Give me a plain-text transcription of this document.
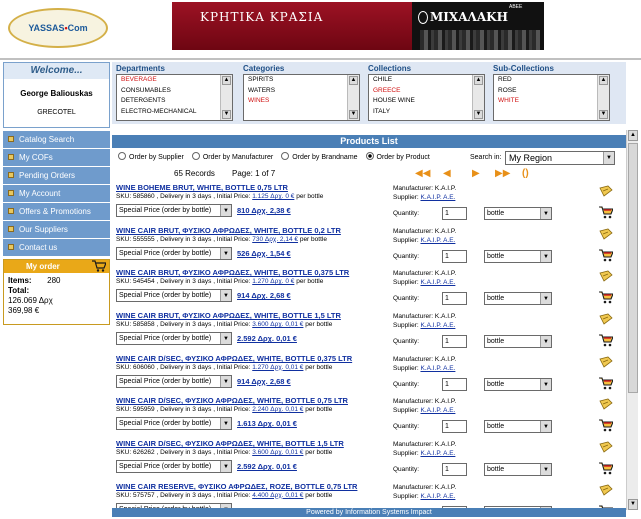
YASSAS•Com
ΚΡΗΤΙΚΑ ΚΡΑΣΙΑ	ΜΙΧΑΛΑΚΗ
ΑΒΕΕ
Welcome...
George Baliouskas
GRECOTEL
Catalog Search
My COFs
Pending Orders
My Account
Offers & Promotions
Our Suppliers
Contact us
My order
Items: 280
Total:
126.069 Δρχ
369,98 €
Departments
BEVERAGE
CONSUMABLES
DETERGENTS
ELECTRO-MECHANICAL
▲
▼
Categories
SPIRITS
WATERS
WINES
▲
▼
Collections
CHILE
GREECE
HOUSE WINE
ITALY
▲
▼
Sub-Collections
RED
ROSE
WHITE
▲
▼
Products List
Order by Supplier	Order by Manufacturer	Order by Brandname	Order by Product	Search in: My Region	▼
65 Records Page: 1 of 7	◀◀ ◀	▶	▶▶ ()
WINE BOHEME BRUT, WHITE, BOTTLE 0,75 LTR
SKU: 585860 , Delivery in 3 days , Initial Price: 1.125 Δρχ. 0 € per bottle
Special Price (order by bottle)	▼ 810 Δρχ. 2,38 €
Manufacturer: Κ.Α.Ι.Ρ.
Supplier: Κ.Α.Ι.Ρ. Α.Ε.
Quantity:	1	bottle	▼
WINE CAIR BRUT, ΦΥΣΙΚΟ ΑΦΡΩΔΕΣ, WHITE, BOTTLE 0,2 LTR
SKU: 555555 , Delivery in 3 days , Initial Price: 730 Δρχ. 2,14 € per bottle
Special Price (order by bottle)	▼ 526 Δρχ. 1,54 €
Manufacturer: Κ.Α.Ι.Ρ.
Supplier: Κ.Α.Ι.Ρ. Α.Ε.
Quantity:	1	bottle	▼
WINE CAIR BRUT, ΦΥΣΙΚΟ ΑΦΡΩΔΕΣ, WHITE, BOTTLE 0,375 LTR
SKU: 545454 , Delivery in 3 days , Initial Price: 1.270 Δρχ. 0 € per bottle
Special Price (order by bottle)	▼ 914 Δρχ. 2,68 €
Manufacturer: Κ.Α.Ι.Ρ.
Supplier: Κ.Α.Ι.Ρ. Α.Ε.
Quantity:	1	bottle	▼
WINE CAIR BRUT, ΦΥΣΙΚΟ ΑΦΡΩΔΕΣ, WHITE, BOTTLE 1,5 LTR
SKU: 585858 , Delivery in 3 days , Initial Price: 3.600 Δρχ. 0,01 € per bottle
Special Price (order by bottle)	▼ 2.592 Δρχ. 0,01 €
Manufacturer: Κ.Α.Ι.Ρ.
Supplier: Κ.Α.Ι.Ρ. Α.Ε.
Quantity:	1	bottle	▼
WINE CAIR D/SEC, ΦΥΣΙΚΟ ΑΦΡΩΔΕΣ, WHITE, BOTTLE 0,375 LTR
SKU: 606060 , Delivery in 3 days , Initial Price: 1.270 Δρχ. 0,01 € per bottle
Special Price (order by bottle)	▼ 914 Δρχ. 2,68 €
Manufacturer: Κ.Α.Ι.Ρ.
Supplier: Κ.Α.Ι.Ρ. Α.Ε.
Quantity:	1	bottle	▼
WINE CAIR D/SEC, ΦΥΣΙΚΟ ΑΦΡΩΔΕΣ, WHITE, BOTTLE 0,75 LTR
SKU: 595959 , Delivery in 3 days , Initial Price: 2.240 Δρχ. 0,01 € per bottle
Special Price (order by bottle)	▼ 1.613 Δρχ. 0,01 €
Manufacturer: Κ.Α.Ι.Ρ.
Supplier: Κ.Α.Ι.Ρ. Α.Ε.
Quantity:	1	bottle	▼
WINE CAIR D/SEC, ΦΥΣΙΚΟ ΑΦΡΩΔΕΣ, WHITE, BOTTLE 1,5 LTR
SKU: 626262 , Delivery in 3 days , Initial Price: 3.600 Δρχ. 0,01 € per bottle
Special Price (order by bottle)	▼ 2.592 Δρχ. 0,01 €
Manufacturer: Κ.Α.Ι.Ρ.
Supplier: Κ.Α.Ι.Ρ. Α.Ε.
Quantity:	1	bottle	▼
WINE CAIR RESERVE, ΦΥΣΙΚΟ ΑΦΡΩΔΕΣ, ROZE, BOTTLE 0,75 LTR
SKU: 575757 , Delivery in 3 days , Initial Price: 4.400 Δρχ. 0,01 € per bottle
Manufacturer: Κ.Α.Ι.Ρ.
Supplier: Κ.Α.Ι.Ρ. Α.Ε.
▲
▼
Powered by Information Systems Impact
